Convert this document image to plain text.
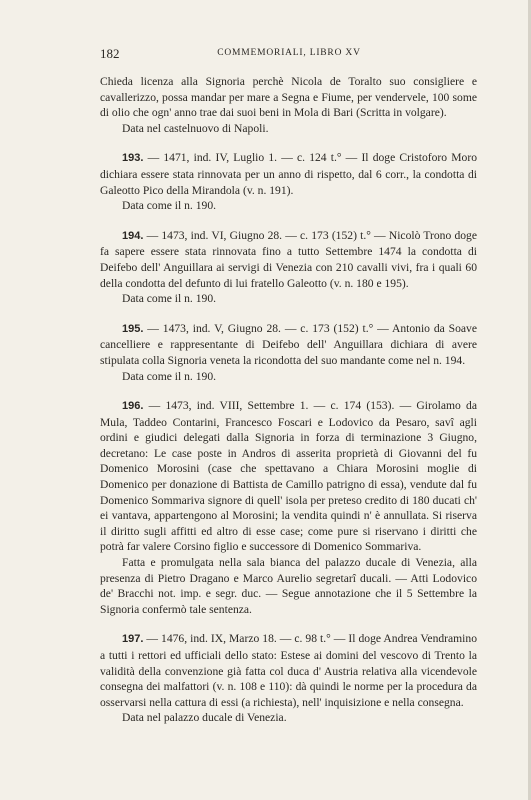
182	COMMEMORIALI, LIBRO XV

Chieda licenza alla Signoria perchè Nicola de Toralto suo consigliere e cavallerizzo, possa mandar per mare a Segna e Fiume, per vendervele, 100 some di olio che ogn' anno trae dai suoi beni in Mola di Bari (Scritta in volgare).

Data nel castelnuovo di Napoli.

193. — 1471, ind. IV, Luglio 1. — c. 124 t.° — Il doge Cristoforo Moro dichiara essere stata rinnovata per un anno di rispetto, dal 6 corr., la condotta di Galeotto Pico della Mirandola (v. n. 191).

Data come il n. 190.

194. — 1473, ind. VI, Giugno 28. — c. 173 (152) t.° — Nicolò Trono doge fa sapere essere stata rinnovata fino a tutto Settembre 1474 la condotta di Deifebo dell' Anguillara ai servigi di Venezia con 210 cavalli vivi, fra i quali 60 della condotta del defunto di lui fratello Galeotto (v. n. 180 e 195).

Data come il n. 190.

195. — 1473, ind. V, Giugno 28. — c. 173 (152) t.° — Antonio da Soave cancelliere e rappresentante di Deifebo dell' Anguillara dichiara di avere stipulata colla Signoria veneta la ricondotta del suo mandante come nel n. 194.

Data come il n. 190.

196. — 1473, ind. VIII, Settembre 1. — c. 174 (153). — Girolamo da Mula, Taddeo Contarini, Francesco Foscari e Lodovico da Pesaro, savî agli ordini e giudici delegati dalla Signoria in forza di terminazione 3 Giugno, decretano: Le case poste in Andros di asserita proprietà di Giovanni del fu Domenico Morosini (case che spettavano a Chiara Morosini moglie di Domenico per donazione di Battista de Camillo patrigno di essa), vendute dal fu Domenico Sommariva signore di quell' isola per preteso credito di 180 ducati ch' ei vantava, appartengono al Morosini; la vendita quindi n' è annullata. Si riserva il diritto sugli affitti ed altro di esse case; come pure si riservano i diritti che potrà far valere Corsino figlio e successore di Domenico Sommariva.

Fatta e promulgata nella sala bianca del palazzo ducale di Venezia, alla presenza di Pietro Dragano e Marco Aurelio segretarî ducali. — Atti Lodovico de' Bracchi not. imp. e segr. duc. — Segue annotazione che il 5 Settembre la Signoria confermò tale sentenza.

197. — 1476, ind. IX, Marzo 18. — c. 98 t.° — Il doge Andrea Vendramino a tutti i rettori ed ufficiali dello stato: Estese ai domini del vescovo di Trento la validità della convenzione già fatta col duca d' Austria relativa alla vicendevole consegna dei malfattori (v. n. 108 e 110): dà quindi le norme per la procedura da osservarsi nella cattura di essi (a richiesta), nell' inquisizione e nella consegna.

Data nel palazzo ducale di Venezia.
